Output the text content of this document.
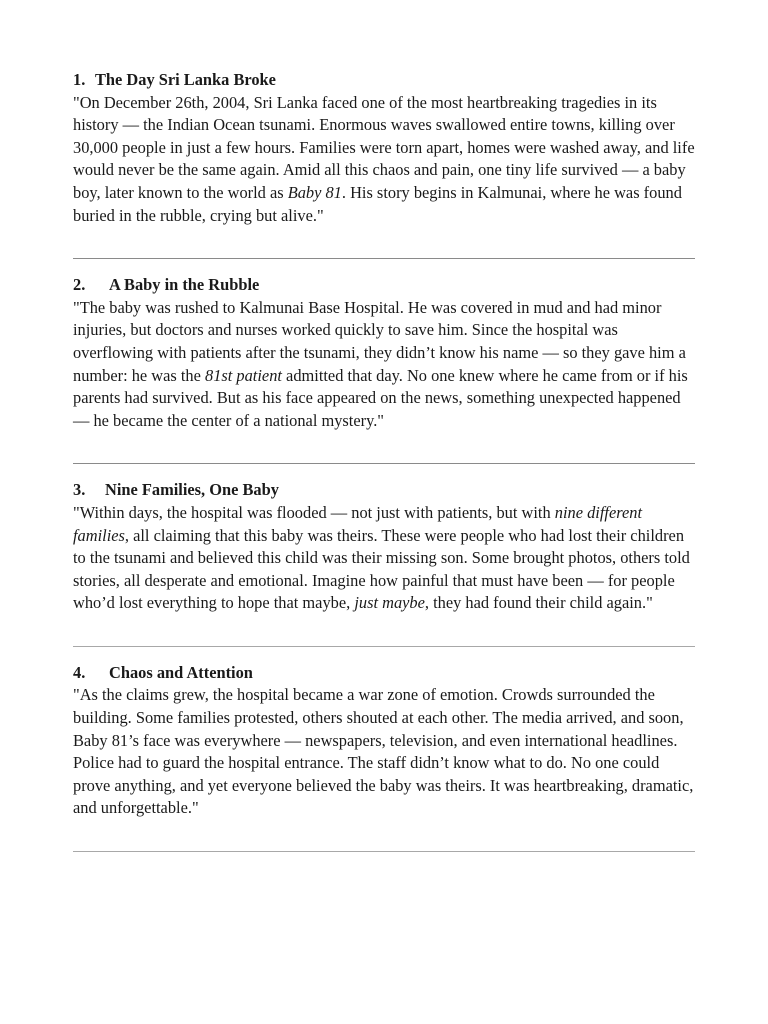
1. The Day Sri Lanka Broke

"On December 26th, 2004, Sri Lanka faced one of the most heartbreaking tragedies in its history — the Indian Ocean tsunami. Enormous waves swallowed entire towns, killing over 30,000 people in just a few hours. Families were torn apart, homes were washed away, and life would never be the same again. Amid all this chaos and pain, one tiny life survived — a baby boy, later known to the world as Baby 81. His story begins in Kalmunai, where he was found buried in the rubble, crying but alive."

2.	A Baby in the Rubble

"The baby was rushed to Kalmunai Base Hospital. He was covered in mud and had minor injuries, but doctors and nurses worked quickly to save him. Since the hospital was overflowing with patients after the tsunami, they didn’t know his name — so they gave him a number: he was the 81st patient admitted that day. No one knew where he came from or if his parents had survived. But as his face appeared on the news, something unexpected happened — he became the center of a national mystery."

3.	Nine Families, One Baby

"Within days, the hospital was flooded — not just with patients, but with nine different families, all claiming that this baby was theirs. These were people who had lost their children to the tsunami and believed this child was their missing son. Some brought photos, others told stories, all desperate and emotional. Imagine how painful that must have been — for people who’d lost everything to hope that maybe, just maybe, they had found their child again."

4.	Chaos and Attention

"As the claims grew, the hospital became a war zone of emotion. Crowds surrounded the building. Some families protested, others shouted at each other. The media arrived, and soon, Baby 81’s face was everywhere — newspapers, television, and even international headlines. Police had to guard the hospital entrance. The staff didn’t know what to do. No one could prove anything, and yet everyone believed the baby was theirs. It was heartbreaking, dramatic, and unforgettable."
